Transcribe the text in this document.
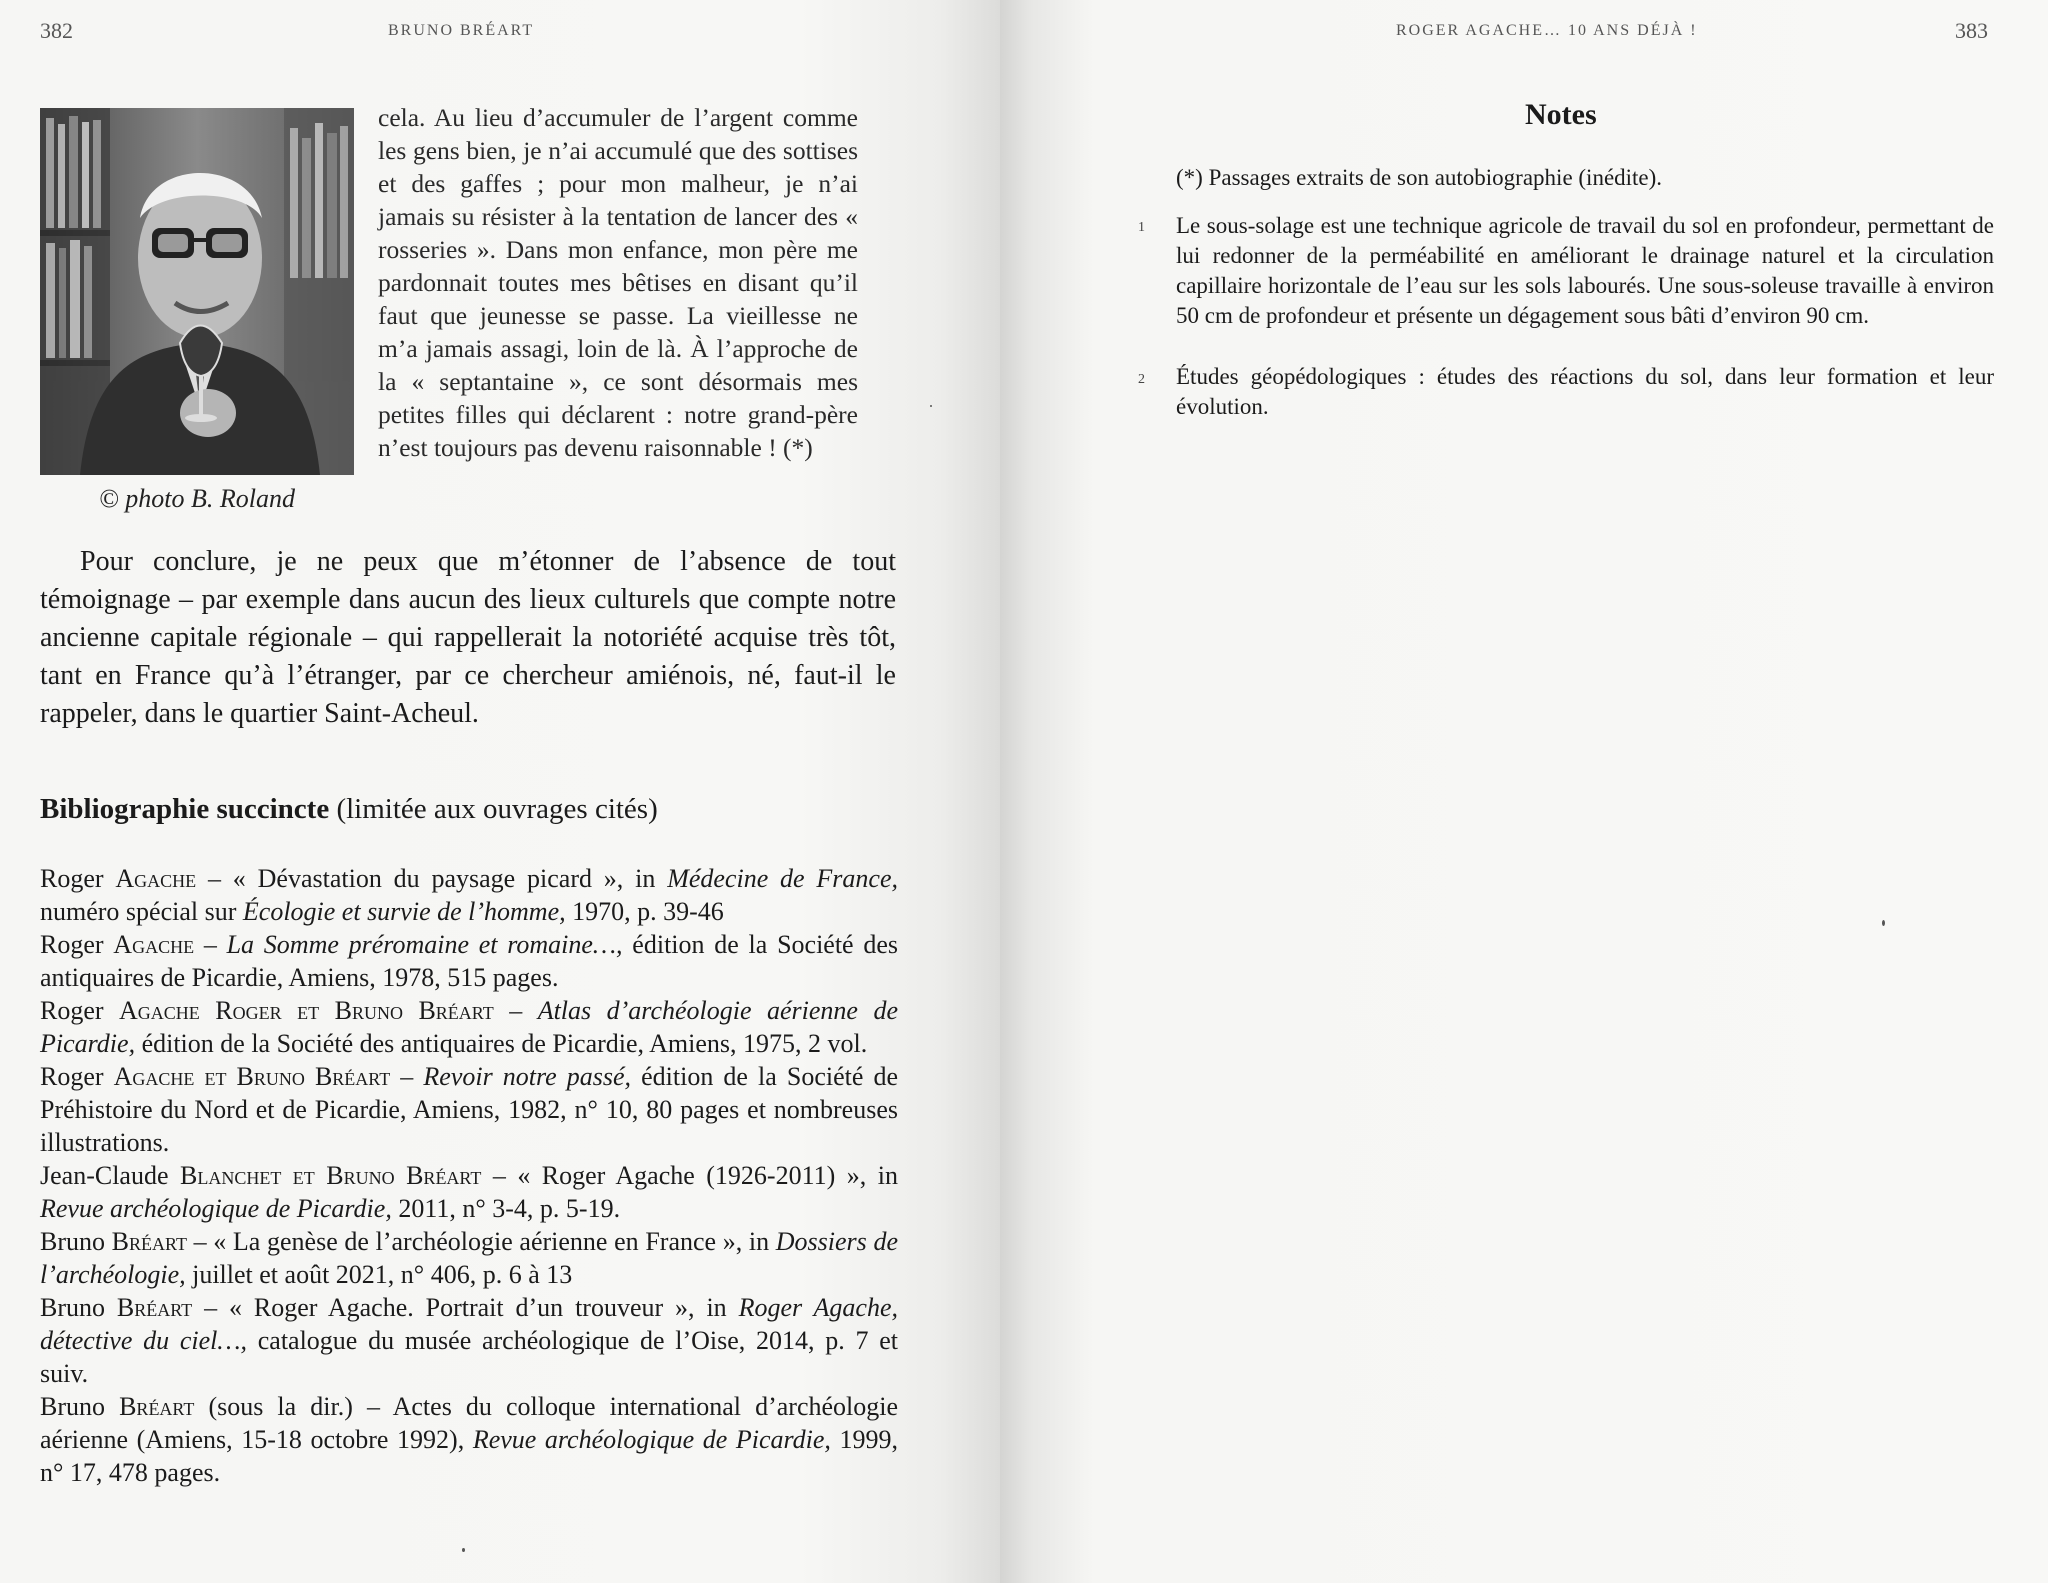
382	BRUNO BRÉART
© photo B. Roland
cela. Au lieu d’accumuler de l’argent comme les gens bien, je n’ai accumulé que des sottises et des gaffes ; pour mon malheur, je n’ai jamais su résister à la tentation de lancer des « rosseries ». Dans mon enfance, mon père me pardonnait toutes mes bêtises en disant qu’il faut que jeunesse se passe. La vieillesse ne m’a jamais assagi, loin de là. À l’approche de la « septantaine », ce sont désormais mes petites filles qui déclarent : notre grand-père n’est toujours pas devenu raisonnable ! (*)
Pour conclure, je ne peux que m’étonner de l’absence de tout témoignage – par exemple dans aucun des lieux culturels que compte notre ancienne capitale régionale – qui rappellerait la notoriété acquise très tôt, tant en France qu’à l’étranger, par ce chercheur amiénois, né, faut-il le rappeler, dans le quartier Saint-Acheul.
Bibliographie succincte (limitée aux ouvrages cités)

Roger Agache – « Dévastation du paysage picard », in Médecine de France, numéro spécial sur Écologie et survie de l’homme, 1970, p. 39-46

Roger Agache – La Somme préromaine et romaine…, édition de la Société des antiquaires de Picardie, Amiens, 1978, 515 pages.

Roger Agache Roger et Bruno Bréart – Atlas d’archéologie aérienne de Picardie, édition de la Société des antiquaires de Picardie, Amiens, 1975, 2 vol.

Roger Agache et Bruno Bréart – Revoir notre passé, édition de la Société de Préhistoire du Nord et de Picardie, Amiens, 1982, n° 10, 80 pages et nombreuses illustrations.

Jean-Claude Blanchet et Bruno Bréart – « Roger Agache (1926-2011) », in Revue archéologique de Picardie, 2011, n° 3-4, p. 5-19.

Bruno Bréart – « La genèse de l’archéologie aérienne en France », in Dossiers de l’archéologie, juillet et août 2021, n° 406, p. 6 à 13

Bruno Bréart – « Roger Agache. Portrait d’un trouveur », in Roger Agache, détective du ciel…, catalogue du musée archéologique de l’Oise, 2014, p. 7 et suiv.

Bruno Bréart (sous la dir.) – Actes du colloque international d’archéologie aérienne (Amiens, 15-18 octobre 1992), Revue archéologique de Picardie, 1999, n° 17, 478 pages.

ROGER AGACHE… 10 ANS DÉJÀ !	383
Notes
(*) Passages extraits de son autobiographie (inédite).
1 Le sous-solage est une technique agricole de travail du sol en profondeur, permettant de lui redonner de la perméabilité en améliorant le drainage naturel et la circulation capillaire horizontale de l’eau sur les sols labourés. Une sous-soleuse travaille à environ 50 cm de profondeur et présente un dégagement sous bâti d’environ 90 cm.
2 Études géopédologiques : études des réactions du sol, dans leur formation et leur évolution.
